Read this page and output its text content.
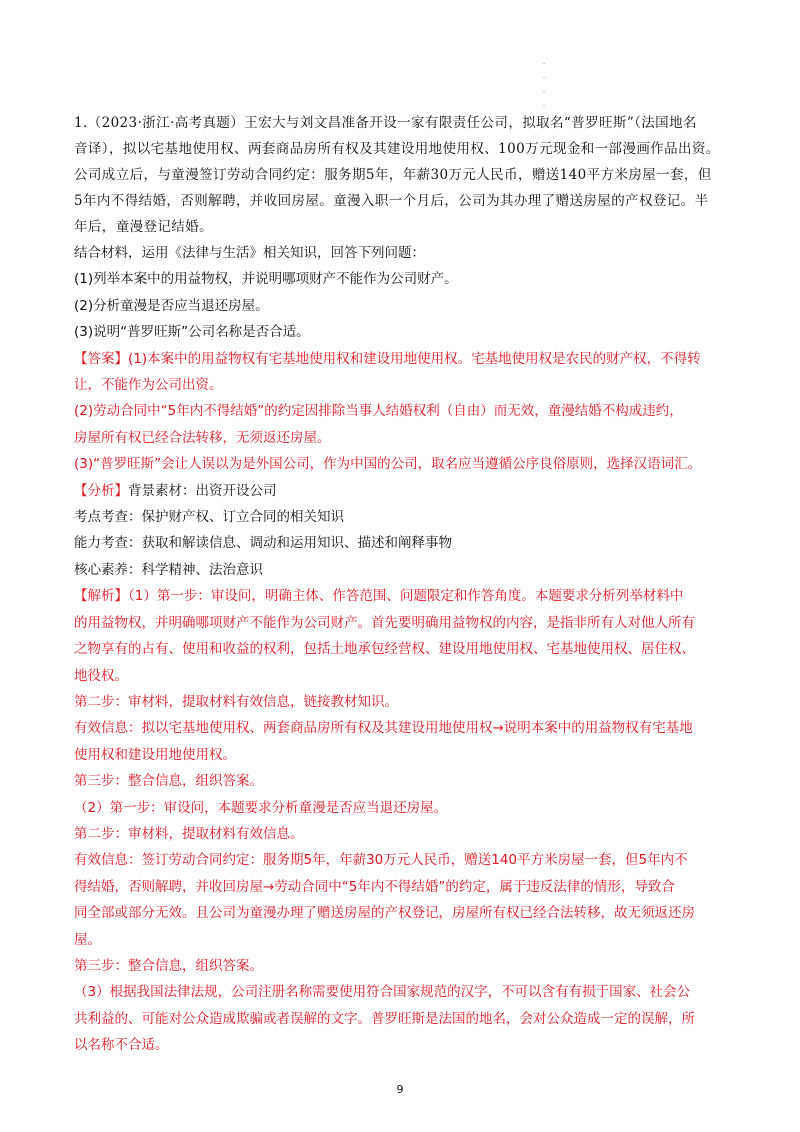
.
.
.
.

1.（2023·浙江·高考真题）王宏大与刘文昌准备开设一家有限责任公司，拟取名“普罗旺斯”（法国地名

音译），拟以宅基地使用权、两套商品房所有权及其建设用地使用权、100万元现金和一部漫画作品出资。

公司成立后，与童漫签订劳动合同约定：服务期5年，年薪30万元人民币，赠送140平方米房屋一套，但

5年内不得结婚，否则解聘，并收回房屋。童漫入职一个月后，公司为其办理了赠送房屋的产权登记。半

年后，童漫登记结婚。

结合材料，运用《法律与生活》相关知识，回答下列问题：

(1)列举本案中的用益物权，并说明哪项财产不能作为公司财产。

(2)分析童漫是否应当退还房屋。

(3)说明“普罗旺斯”公司名称是否合适。

【答案】(1)本案中的用益物权有宅基地使用权和建设用地使用权。宅基地使用权是农民的财产权，不得转

让，不能作为公司出资。

(2)劳动合同中“5年内不得结婚”的约定因排除当事人结婚权利（自由）而无效，童漫结婚不构成违约，

房屋所有权已经合法转移，无须返还房屋。

(3)“普罗旺斯”会让人误以为是外国公司，作为中国的公司，取名应当遵循公序良俗原则，选择汉语词汇。

【分析】背景素材：出资开设公司

考点考查：保护财产权、订立合同的相关知识

能力考查：获取和解读信息、调动和运用知识、描述和阐释事物

核心素养：科学精神、法治意识

【解析】（1）第一步：审设问，明确主体、作答范围、问题限定和作答角度。本题要求分析列举材料中

的用益物权，并明确哪项财产不能作为公司财产。首先要明确用益物权的内容，是指非所有人对他人所有

之物享有的占有、使用和收益的权利，包括土地承包经营权、建设用地使用权、宅基地使用权、居住权、

地役权。

第二步：审材料，提取材料有效信息，链接教材知识。

有效信息：拟以宅基地使用权、两套商品房所有权及其建设用地使用权→说明本案中的用益物权有宅基地

使用权和建设用地使用权。

第三步：整合信息，组织答案。

（2）第一步：审设问，本题要求分析童漫是否应当退还房屋。

第二步：审材料，提取材料有效信息。

有效信息：签订劳动合同约定：服务期5年，年薪30万元人民币，赠送140平方米房屋一套，但5年内不

得结婚，否则解聘，并收回房屋→劳动合同中“5年内不得结婚”的约定，属于违反法律的情形，导致合

同全部或部分无效。且公司为童漫办理了赠送房屋的产权登记，房屋所有权已经合法转移，故无须返还房

屋。

第三步：整合信息，组织答案。

（3）根据我国法律法规，公司注册名称需要使用符合国家规范的汉字，不可以含有有损于国家、社会公

共利益的、可能对公众造成欺骗或者误解的文字。普罗旺斯是法国的地名，会对公众造成一定的误解，所

以名称不合适。

9
